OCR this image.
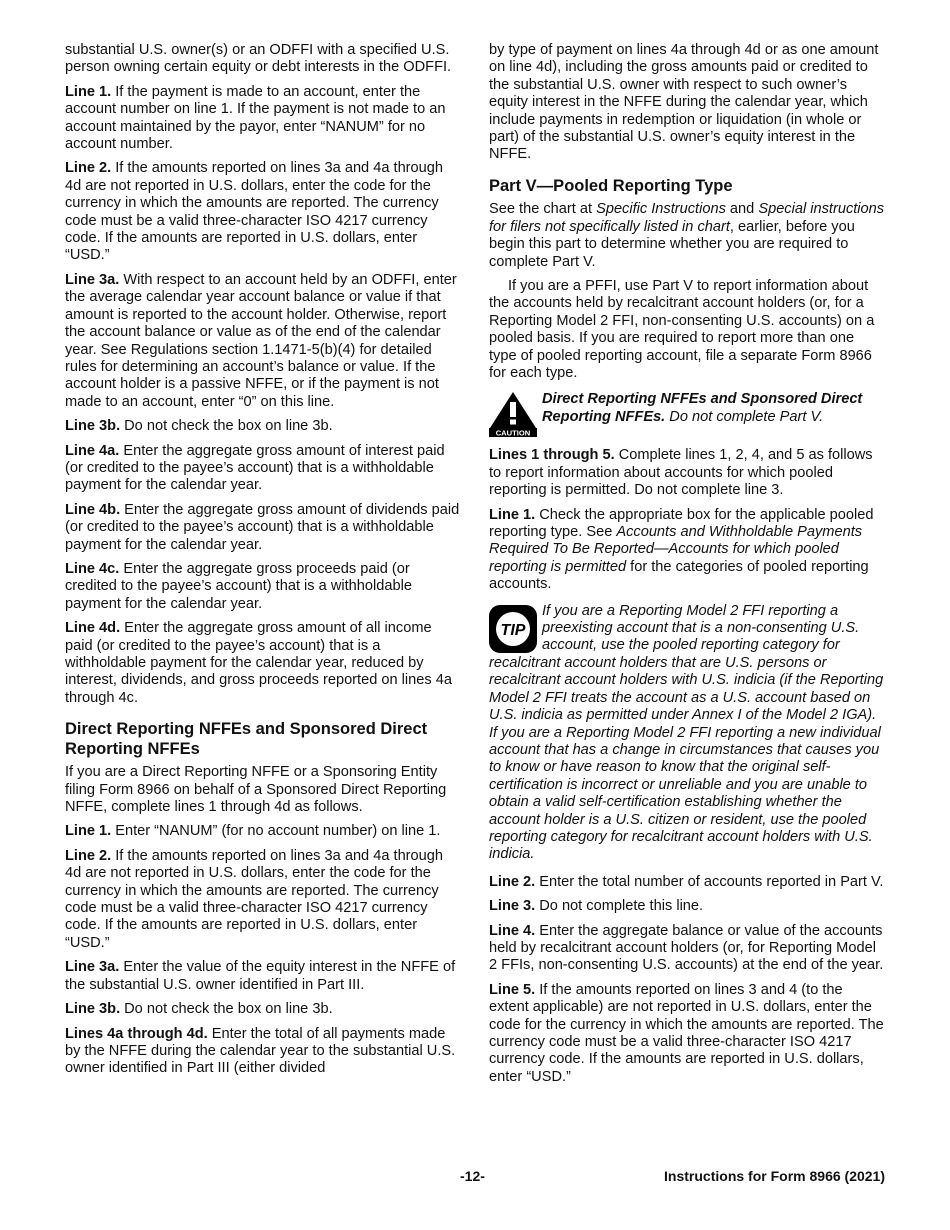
substantial U.S. owner(s) or an ODFFI with a specified U.S. person owning certain equity or debt interests in the ODFFI.

Line 1. If the payment is made to an account, enter the account number on line 1. If the payment is not made to an account maintained by the payor, enter “NANUM” for no account number.

Line 2. If the amounts reported on lines 3a and 4a through 4d are not reported in U.S. dollars, enter the code for the currency in which the amounts are reported. The currency code must be a valid three-character ISO 4217 currency code. If the amounts are reported in U.S. dollars, enter “USD.”

Line 3a. With respect to an account held by an ODFFI, enter the average calendar year account balance or value if that amount is reported to the account holder. Otherwise, report the account balance or value as of the end of the calendar year. See Regulations section 1.1471-5(b)(4) for detailed rules for determining an account’s balance or value. If the account holder is a passive NFFE, or if the payment is not made to an account, enter “0” on this line.

Line 3b. Do not check the box on line 3b.

Line 4a. Enter the aggregate gross amount of interest paid (or credited to the payee’s account) that is a withholdable payment for the calendar year.

Line 4b. Enter the aggregate gross amount of dividends paid (or credited to the payee’s account) that is a withholdable payment for the calendar year.

Line 4c. Enter the aggregate gross proceeds paid (or credited to the payee’s account) that is a withholdable payment for the calendar year.

Line 4d. Enter the aggregate gross amount of all income paid (or credited to the payee’s account) that is a withholdable payment for the calendar year, reduced by interest, dividends, and gross proceeds reported on lines 4a through 4c.

Direct Reporting NFFEs and Sponsored Direct Reporting NFFEs

If you are a Direct Reporting NFFE or a Sponsoring Entity filing Form 8966 on behalf of a Sponsored Direct Reporting NFFE, complete lines 1 through 4d as follows.

Line 1. Enter “NANUM” (for no account number) on line 1.

Line 2. If the amounts reported on lines 3a and 4a through 4d are not reported in U.S. dollars, enter the code for the currency in which the amounts are reported. The currency code must be a valid three-character ISO 4217 currency code. If the amounts are reported in U.S. dollars, enter “USD.”

Line 3a. Enter the value of the equity interest in the NFFE of the substantial U.S. owner identified in Part III.

Line 3b. Do not check the box on line 3b.

Lines 4a through 4d. Enter the total of all payments made by the NFFE during the calendar year to the substantial U.S. owner identified in Part III (either divided

by type of payment on lines 4a through 4d or as one amount on line 4d), including the gross amounts paid or credited to the substantial U.S. owner with respect to such owner’s equity interest in the NFFE during the calendar year, which include payments in redemption or liquidation (in whole or part) of the substantial U.S. owner’s equity interest in the NFFE.

Part V—Pooled Reporting Type

See the chart at Specific Instructions and Special instructions for filers not specifically listed in chart, earlier, before you begin this part to determine whether you are required to complete Part V.

If you are a PFFI, use Part V to report information about the accounts held by recalcitrant account holders (or, for a Reporting Model 2 FFI, non-consenting U.S. accounts) on a pooled basis. If you are required to report more than one type of pooled reporting account, file a separate Form 8966 for each type.

CAUTION
Direct Reporting NFFEs and Sponsored Direct Reporting NFFEs. Do not complete Part V.

Lines 1 through 5. Complete lines 1, 2, 4, and 5 as follows to report information about accounts for which pooled reporting is permitted. Do not complete line 3.

Line 1. Check the appropriate box for the applicable pooled reporting type. See Accounts and Withholdable Payments Required To Be Reported—Accounts for which pooled reporting is permitted for the categories of pooled reporting accounts.

TIP
If you are a Reporting Model 2 FFI reporting a preexisting account that is a non-consenting U.S. account, use the pooled reporting category for recalcitrant account holders that are U.S. persons or recalcitrant account holders with U.S. indicia (if the Reporting Model 2 FFI treats the account as a U.S. account based on U.S. indicia as permitted under Annex I of the Model 2 IGA). If you are a Reporting Model 2 FFI reporting a new individual account that has a change in circumstances that causes you to know or have reason to know that the original self-certification is incorrect or unreliable and you are unable to obtain a valid self-certification establishing whether the account holder is a U.S. citizen or resident, use the pooled reporting category for recalcitrant account holders with U.S. indicia.

Line 2. Enter the total number of accounts reported in Part V.

Line 3. Do not complete this line.

Line 4. Enter the aggregate balance or value of the accounts held by recalcitrant account holders (or, for Reporting Model 2 FFIs, non-consenting U.S. accounts) at the end of the year.

Line 5. If the amounts reported on lines 3 and 4 (to the extent applicable) are not reported in U.S. dollars, enter the code for the currency in which the amounts are reported. The currency code must be a valid three-character ISO 4217 currency code. If the amounts are reported in U.S. dollars, enter “USD.”

-12-	Instructions for Form 8966 (2021)
